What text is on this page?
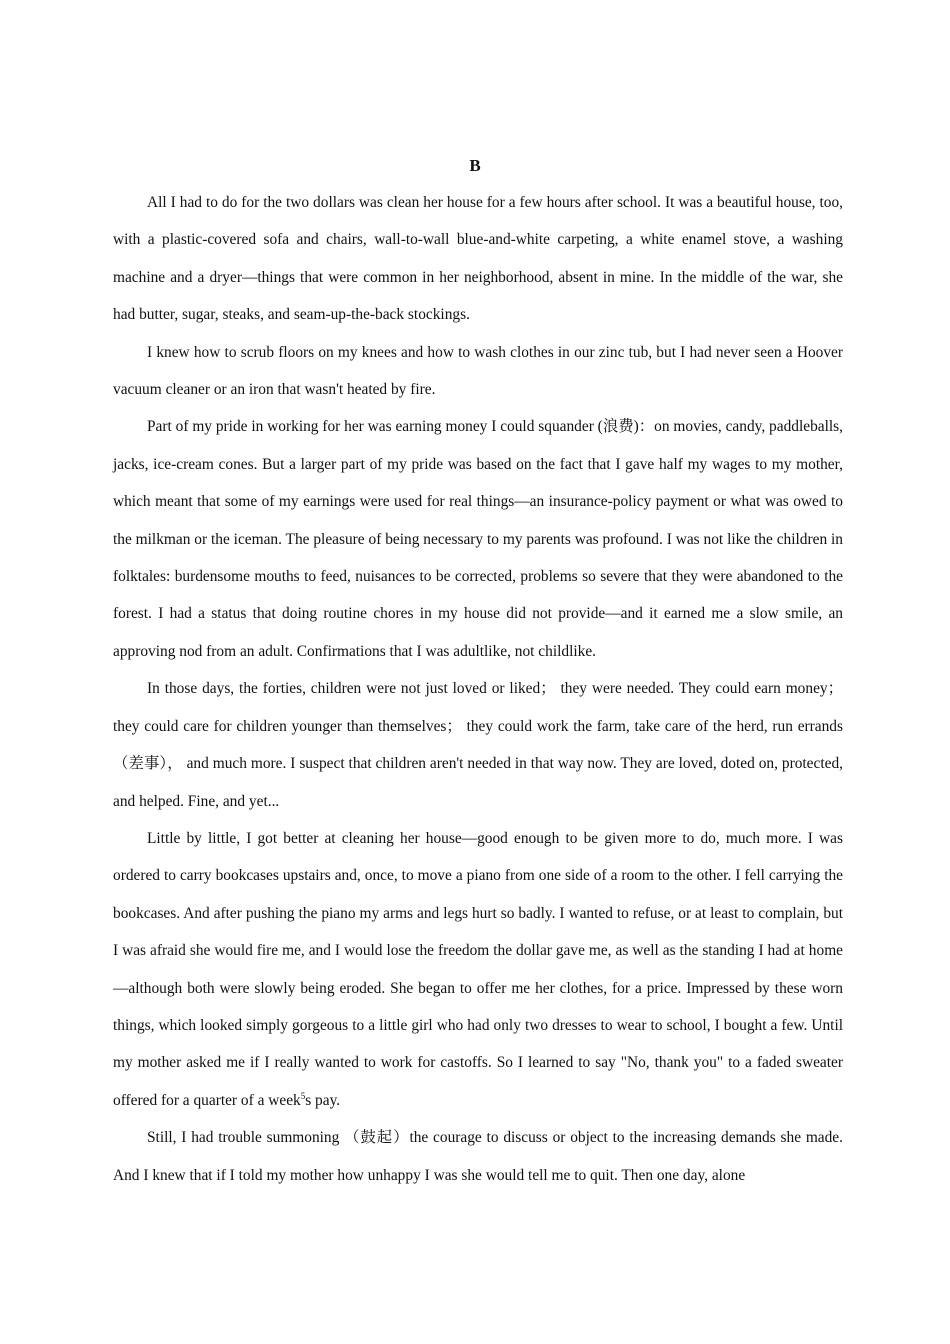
B

All I had to do for the two dollars was clean her house for a few hours after school. It was a beautiful house, too, with a plastic-covered sofa and chairs, wall-to-wall blue-and-white carpeting, a white enamel stove, a washing machine and a dryer—things that were common in her neighborhood, absent in mine. In the middle of the war, she had butter, sugar, steaks, and seam-up-the-back stockings.

I knew how to scrub floors on my knees and how to wash clothes in our zinc tub, but I had never seen a Hoover vacuum cleaner or an iron that wasn't heated by fire.

Part of my pride in working for her was earning money I could squander (浪费)：on movies, candy, paddleballs, jacks, ice-cream cones. But a larger part of my pride was based on the fact that I gave half my wages to my mother, which meant that some of my earnings were used for real things—an insurance-policy payment or what was owed to the milkman or the iceman. The pleasure of being necessary to my parents was profound. I was not like the children in folktales: burdensome mouths to feed, nuisances to be corrected, problems so severe that they were abandoned to the forest. I had a status that doing routine chores in my house did not provide—and it earned me a slow smile, an approving nod from an adult. Confirmations that I was adultlike, not childlike.

In those days, the forties, children were not just loved or liked； they were needed. They could earn money； they could care for children younger than themselves； they could work the farm, take care of the herd, run errands（差事）， and much more. I suspect that children aren't needed in that way now. They are loved, doted on, protected, and helped. Fine, and yet...

Little by little, I got better at cleaning her house—good enough to be given more to do, much more. I was ordered to carry bookcases upstairs and, once, to move a piano from one side of a room to the other. I fell carrying the bookcases. And after pushing the piano my arms and legs hurt so badly. I wanted to refuse, or at least to complain, but I was afraid she would fire me, and I would lose the freedom the dollar gave me, as well as the standing I had at home—although both were slowly being eroded. She began to offer me her clothes, for a price. Impressed by these worn things, which looked simply gorgeous to a little girl who had only two dresses to wear to school, I bought a few. Until my mother asked me if I really wanted to work for castoffs. So I learned to say "No, thank you" to a faded sweater offered for a quarter of a week$^5$s pay.

Still, I had trouble summoning （鼓起）the courage to discuss or object to the increasing demands she made. And I knew that if I told my mother how unhappy I was she would tell me to quit. Then one day, alone
